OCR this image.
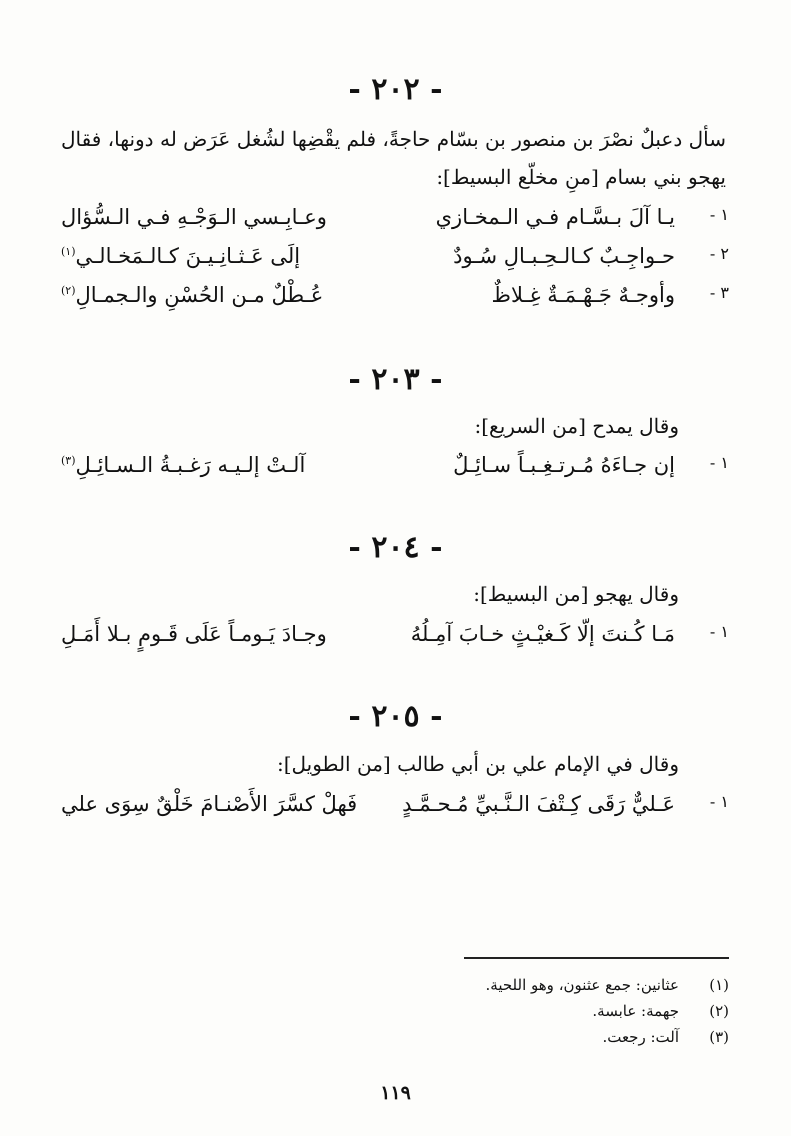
- ٢٠٢ -
سأل دعبلٌ نصْرَ بن منصور بن بسّام حاجةً، فلم يقْضِها لشُغل عَرَض له دونها، فقال يهجو بني بسام [منِ مخلّع البسيط]:
١ -
يـا آلَ بـسَّـام فـي الـمخـازي
وعـابِـسي الـوَجْـهِ فـي الـسُّؤال
٢ -
حـواجِـبٌ كـالـحِـبـالِ سُـودٌ
إلَى عَـثـانِـيـنَ كـالـمَخـالـي$^{(١)}$
٣ -
وأوجـهٌ جَـهْـمَـةٌ غِـلاظٌ
عُـطْلٌ مـن الحُسْنِ والـجمـالِ$^{(٢)}$
- ٢٠٣ -
وقال يمدح [من السريع]:
١ -
إن جـاءَهُ مُـرتـغِـبـاً سـائِـلٌ
آلـتْ إلـيـه رَغـبـةُ الـسـائِـلِ$^{(٣)}$
- ٢٠٤ -
وقال يهجو [من البسيط]:
١ -
مَـا كُـنتَ إلّا كَـغيْـثٍ خـابَ آمِـلُهُ
وجـادَ يَـومـاً عَلَى قَـومٍ بـلا أَمَـلِ
- ٢٠٥ -
وقال في الإمام علي بن أبي طالب [من الطويل]:
١ -
عَـليٌّ رَقَى كِـتْفَ الـنَّـبيِّ مُـحـمَّـدٍ
فَهلْ كسَّرَ الأَصْنـامَ خَلْقٌ سِوَى علي
(١)
عثانين: جمع عثنون، وهو اللحية.
(٢)
جهمة: عابسة.
(٣)
آلت: رجعت.
١١٩
